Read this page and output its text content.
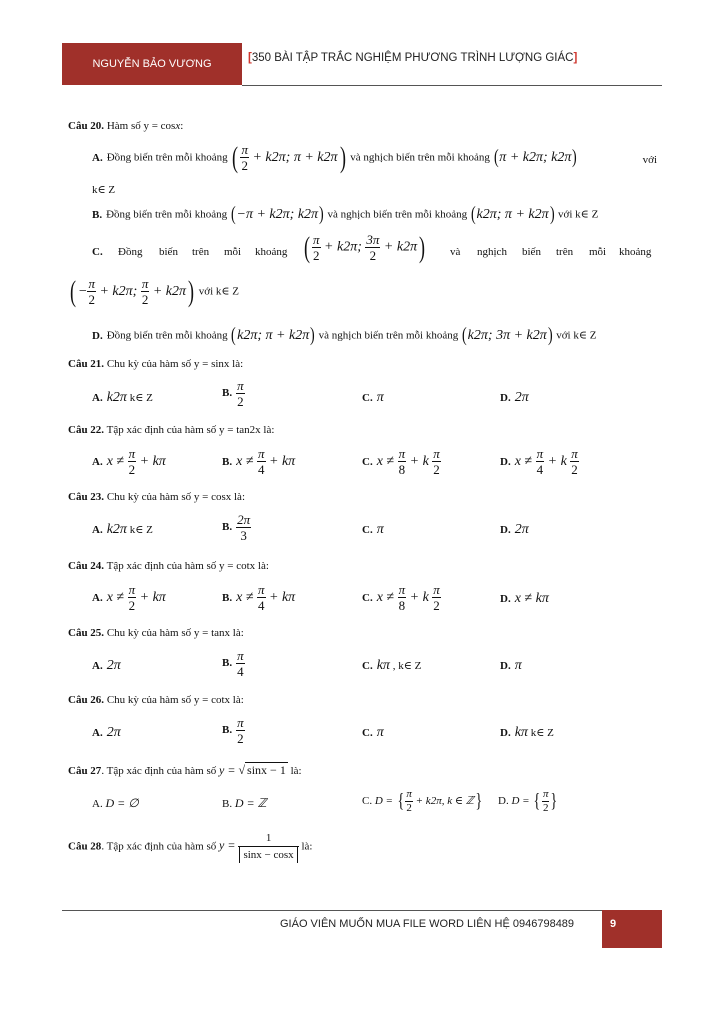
NGUYỄN BẢO VƯƠNG	[350 BÀI TẬP TRẮC NGHIỆM PHƯƠNG TRÌNH LƯỢNG GIÁC]
Câu 20. Hàm số y = cosx:
A. Đồng biến trên mỗi khoảng ( $\frac{\pi}{2} + k2\pi$; π + k2π) và nghịch biến trên mỗi khoảng (π + k2π; k2π)	với
k∈ Z
B. Đồng biến trên mỗi khoảng (−π + k2π; k2π) và nghịch biến trên mỗi khoảng (k2π; π + k2π) với k∈ Z
C. Đồng biến trên mỗi khoảng ( $\frac{\pi}{2} + k2\pi$; $\frac{3\pi}{2} + k2\pi$) và nghịch biến trên mỗi khoảng
( − $\frac{\pi}{2} + k2\pi$; $\frac{\pi}{2} + k2\pi$) với k∈ Z
D. Đồng biến trên mỗi khoảng (k2π; π + k2π) và nghịch biến trên mỗi khoảng (k2π; 3π + k2π) với k∈ Z
Câu 21. Chu kỳ của hàm số y = sinx là:
A. k2π k∈ Z	B. $\frac{\pi}{2}$	C. π	D. 2π
Câu 22. Tập xác định của hàm số y = tan2x là:
A. $x \ne \frac{\pi}{2} + k\pi$	B. $x \ne \frac{\pi}{4} + k\pi$	C. $x \ne \frac{\pi}{8} + k \frac{\pi}{2}$	D. $x \ne \frac{\pi}{4} + k \frac{\pi}{2}$
Câu 23. Chu kỳ của hàm số y = cosx là:
A. k2π k∈ Z	B. $\frac{2\pi}{3}$	C. π	D. 2π
Câu 24. Tập xác định của hàm số y = cotx là:
A. $x \ne \frac{\pi}{2} + k\pi$	B. $x \ne \frac{\pi}{4} + k\pi$	C. $x \ne \frac{\pi}{8} + k \frac{\pi}{2}$	D. x ≠ kπ
Câu 25. Chu kỳ của hàm số y = tanx là:
A. 2π	B. $\frac{\pi}{4}$	C. kπ , k∈ Z	D. π
Câu 26. Chu kỳ của hàm số y = cotx là:
A. 2π	B. $\frac{\pi}{2}$	C. π	D. kπ k∈ Z
Câu 27. Tập xác định của hàm số y = √ sinx − 1 là:
A. D = ∅	B. D = ℤ	C. D = { $\frac{\pi}{2} + k2\pi$, k ∈ ℤ} D. D = { $\frac{\pi}{2}$ }
Câu 28. Tập xác định của hàm số $y = \frac{1}{\sin x - \cos x}$ là:
GIÁO VIÊN MUỐN MUA FILE WORD LIÊN HỆ 0946798489	9
